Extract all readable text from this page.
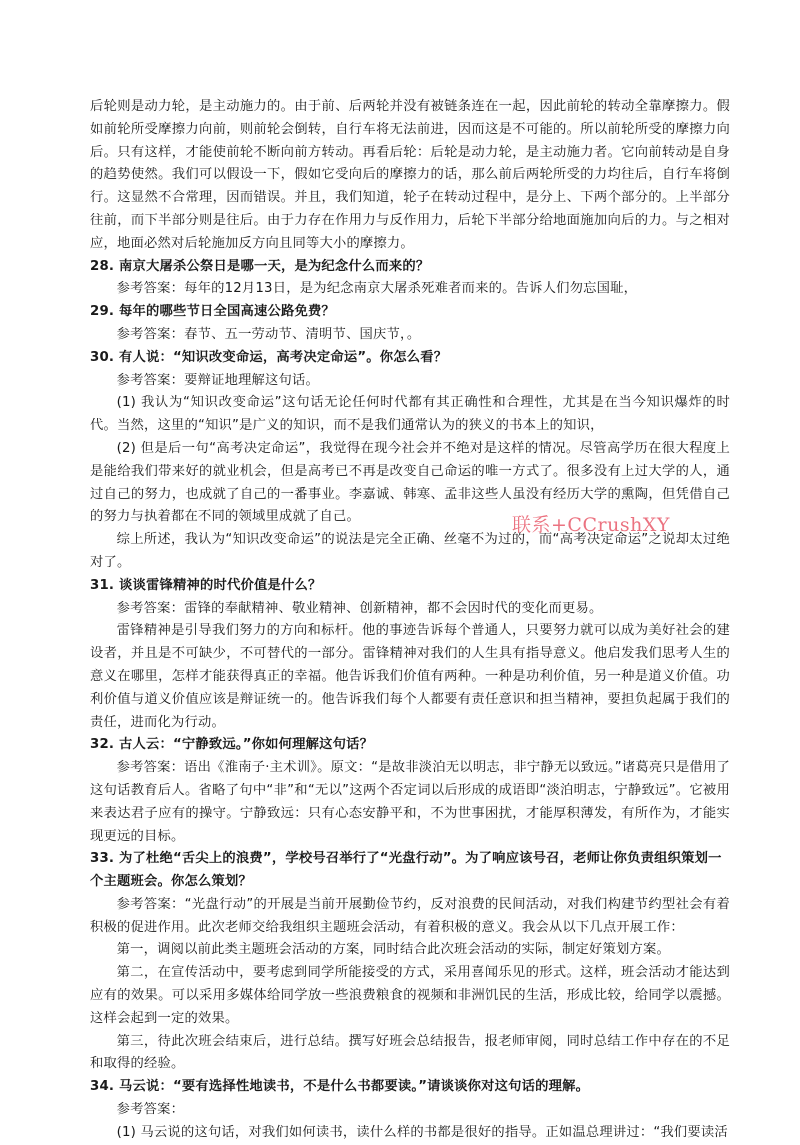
后轮则是动力轮，是主动施力的。由于前、后两轮并没有被链条连在一起，因此前轮的转动全靠摩擦力。假如前轮所受摩擦力向前，则前轮会倒转，自行车将无法前进，因而这是不可能的。所以前轮所受的摩擦力向后。只有这样，才能使前轮不断向前方转动。再看后轮：后轮是动力轮，是主动施力者。它向前转动是自身的趋势使然。我们可以假设一下，假如它受向后的摩擦力的话，那么前后两轮所受的力均往后，自行车将倒行。这显然不合常理，因而错误。并且，我们知道，轮子在转动过程中，是分上、下两个部分的。上半部分往前，而下半部分则是往后。由于力存在作用力与反作用力，后轮下半部分给地面施加向后的力。与之相对应，地面必然对后轮施加反方向且同等大小的摩擦力。

28. 南京大屠杀公祭日是哪一天，是为纪念什么而来的？

参考答案：每年的12月13日，是为纪念南京大屠杀死难者而来的。告诉人们勿忘国耻，

29. 每年的哪些节日全国高速公路免费？

参考答案：春节、五一劳动节、清明节、国庆节，。

30. 有人说：“知识改变命运，高考决定命运”。你怎么看？

参考答案：要辩证地理解这句话。

(1) 我认为“知识改变命运”这句话无论任何时代都有其正确性和合理性，尤其是在当今知识爆炸的时代。当然，这里的“知识”是广义的知识，而不是我们通常认为的狭义的书本上的知识，

(2) 但是后一句“高考决定命运”，我觉得在现今社会并不绝对是这样的情况。尽管高学历在很大程度上是能给我们带来好的就业机会，但是高考已不再是改变自己命运的唯一方式了。很多没有上过大学的人，通过自己的努力，也成就了自己的一番事业。李嘉诚、韩寒、孟非这些人虽没有经历大学的熏陶，但凭借自己的努力与执着都在不同的领域里成就了自己。

综上所述，我认为“知识改变命运”的说法是完全正确、丝毫不为过的，而“高考决定命运”之说却太过绝对了。

31. 谈谈雷锋精神的时代价值是什么？

参考答案：雷锋的奉献精神、敬业精神、创新精神，都不会因时代的变化而更易。

雷锋精神是引导我们努力的方向和标杆。他的事迹告诉每个普通人，只要努力就可以成为美好社会的建设者，并且是不可缺少，不可替代的一部分。雷锋精神对我们的人生具有指导意义。他启发我们思考人生的意义在哪里，怎样才能获得真正的幸福。他告诉我们价值有两种。一种是功利价值，另一种是道义价值。功利价值与道义价值应该是辩证统一的。他告诉我们每个人都要有责任意识和担当精神，要担负起属于我们的责任，进而化为行动。

32. 古人云：“宁静致远。”你如何理解这句话？

参考答案：语出《淮南子·主术训》。原文：“是故非淡泊无以明志，非宁静无以致远。”诸葛亮只是借用了这句话教育后人。省略了句中“非”和“无以”这两个否定词以后形成的成语即“淡泊明志，宁静致远”。它被用来表达君子应有的操守。宁静致远：只有心态安静平和，不为世事困扰，才能厚积薄发，有所作为，才能实现更远的目标。

33. 为了杜绝“舌尖上的浪费”，学校号召举行了“光盘行动”。为了响应该号召，老师让你负责组织策划一个主题班会。你怎么策划？

参考答案：“光盘行动”的开展是当前开展勤俭节约，反对浪费的民间活动，对我们构建节约型社会有着积极的促进作用。此次老师交给我组织主题班会活动，有着积极的意义。我会从以下几点开展工作：

第一，调阅以前此类主题班会活动的方案，同时结合此次班会活动的实际，制定好策划方案。

第二，在宣传活动中，要考虑到同学所能接受的方式，采用喜闻乐见的形式。这样，班会活动才能达到应有的效果。可以采用多媒体给同学放一些浪费粮食的视频和非洲饥民的生活，形成比较，给同学以震撼。这样会起到一定的效果。

第三，待此次班会结束后，进行总结。撰写好班会总结报告，报老师审阅，同时总结工作中存在的不足和取得的经验。

34. 马云说：“要有选择性地读书，不是什么书都要读。”请谈谈你对这句话的理解。

参考答案：

(1) 马云说的这句话，对我们如何读书，读什么样的书都是很好的指导。正如温总理讲过：“我们要读活

联系+CCrushXY
